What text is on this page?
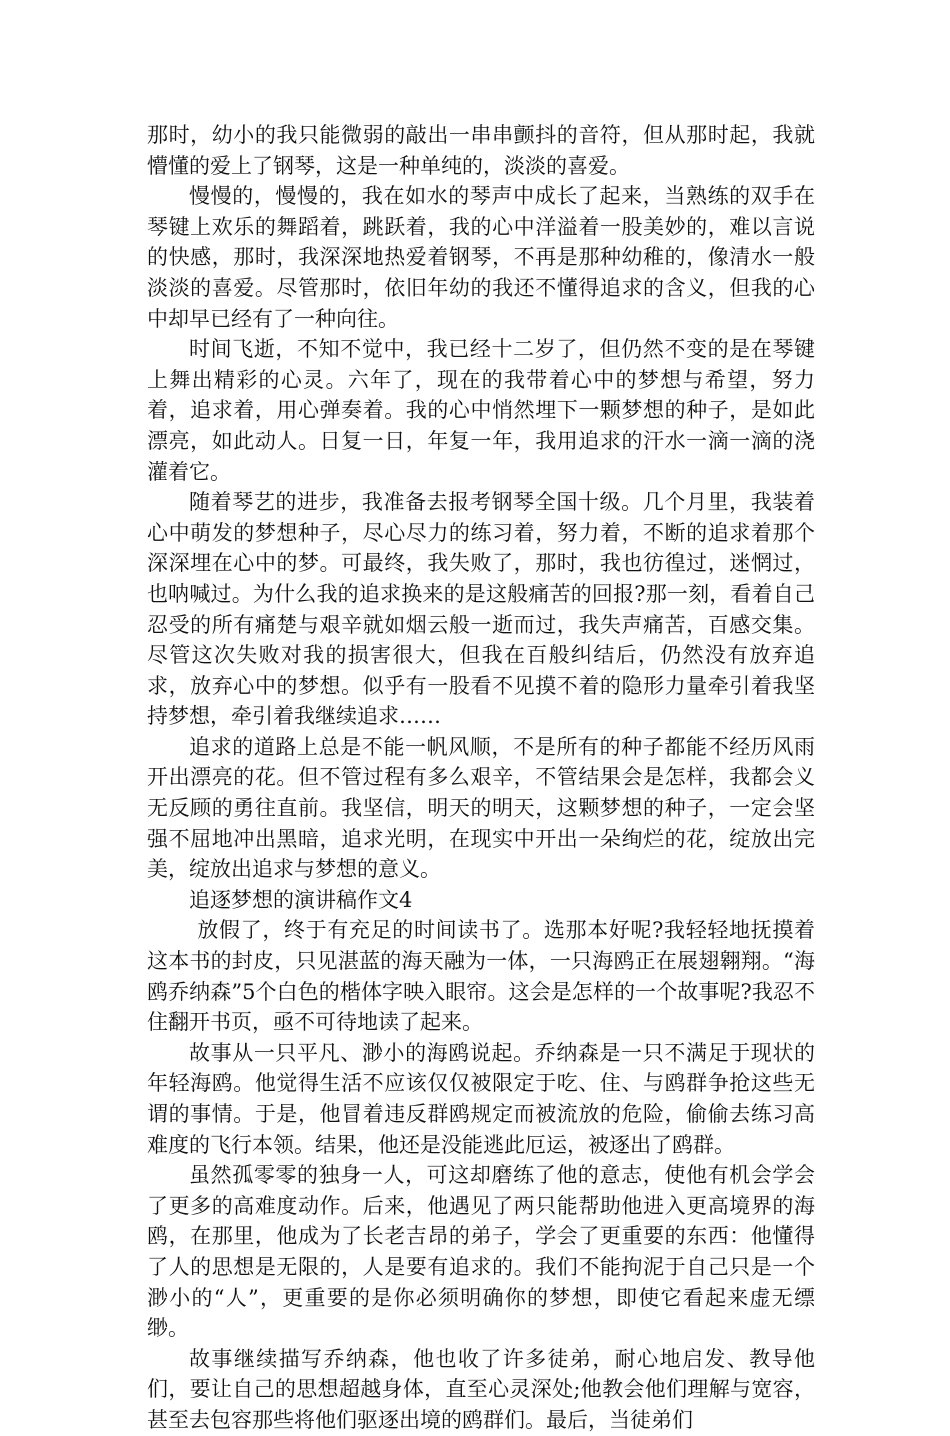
那时，幼小的我只能微弱的敲出一串串颤抖的音符，但从那时起，我就懵懂的爱上了钢琴，这是一种单纯的，淡淡的喜爱。

慢慢的，慢慢的，我在如水的琴声中成长了起来，当熟练的双手在琴键上欢乐的舞蹈着，跳跃着，我的心中洋溢着一股美妙的，难以言说的快感，那时，我深深地热爱着钢琴，不再是那种幼稚的，像清水一般淡淡的喜爱。尽管那时，依旧年幼的我还不懂得追求的含义，但我的心中却早已经有了一种向往。

时间飞逝，不知不觉中，我已经十二岁了，但仍然不变的是在琴键上舞出精彩的心灵。六年了，现在的我带着心中的梦想与希望，努力着，追求着，用心弹奏着。我的心中悄然埋下一颗梦想的种子，是如此漂亮，如此动人。日复一日，年复一年，我用追求的汗水一滴一滴的浇灌着它。

随着琴艺的进步，我准备去报考钢琴全国十级。几个月里，我装着心中萌发的梦想种子，尽心尽力的练习着，努力着，不断的追求着那个深深埋在心中的梦。可最终，我失败了，那时，我也彷徨过，迷惘过，也呐喊过。为什么我的追求换来的是这般痛苦的回报?那一刻，看着自己忍受的所有痛楚与艰辛就如烟云般一逝而过，我失声痛苦，百感交集。尽管这次失败对我的损害很大，但我在百般纠结后，仍然没有放弃追求，放弃心中的梦想。似乎有一股看不见摸不着的隐形力量牵引着我坚持梦想，牵引着我继续追求……

追求的道路上总是不能一帆风顺，不是所有的种子都能不经历风雨开出漂亮的花。但不管过程有多么艰辛，不管结果会是怎样，我都会义无反顾的勇往直前。我坚信，明天的明天，这颗梦想的种子，一定会坚强不屈地冲出黑暗，追求光明，在现实中开出一朵绚烂的花，绽放出完美，绽放出追求与梦想的意义。

追逐梦想的演讲稿作文4

放假了，终于有充足的时间读书了。选那本好呢?我轻轻地抚摸着这本书的封皮，只见湛蓝的海天融为一体，一只海鸥正在展翅翱翔。“海鸥乔纳森”5个白色的楷体字映入眼帘。这会是怎样的一个故事呢?我忍不住翻开书页，亟不可待地读了起来。

故事从一只平凡、渺小的海鸥说起。乔纳森是一只不满足于现状的年轻海鸥。他觉得生活不应该仅仅被限定于吃、住、与鸥群争抢这些无谓的事情。于是，他冒着违反群鸥规定而被流放的危险，偷偷去练习高难度的飞行本领。结果，他还是没能逃此厄运，被逐出了鸥群。

虽然孤零零的独身一人，可这却磨练了他的意志，使他有机会学会了更多的高难度动作。后来，他遇见了两只能帮助他进入更高境界的海鸥，在那里，他成为了长老吉昂的弟子，学会了更重要的东西：他懂得了人的思想是无限的，人是要有追求的。我们不能拘泥于自己只是一个渺小的“人”，更重要的是你必须明确你的梦想，即使它看起来虚无缥缈。

故事继续描写乔纳森，他也收了许多徒弟，耐心地启发、教导他们，要让自己的思想超越身体，直至心灵深处;他教会他们理解与宽容，甚至去包容那些将他们驱逐出境的鸥群们。最后，当徒弟们
